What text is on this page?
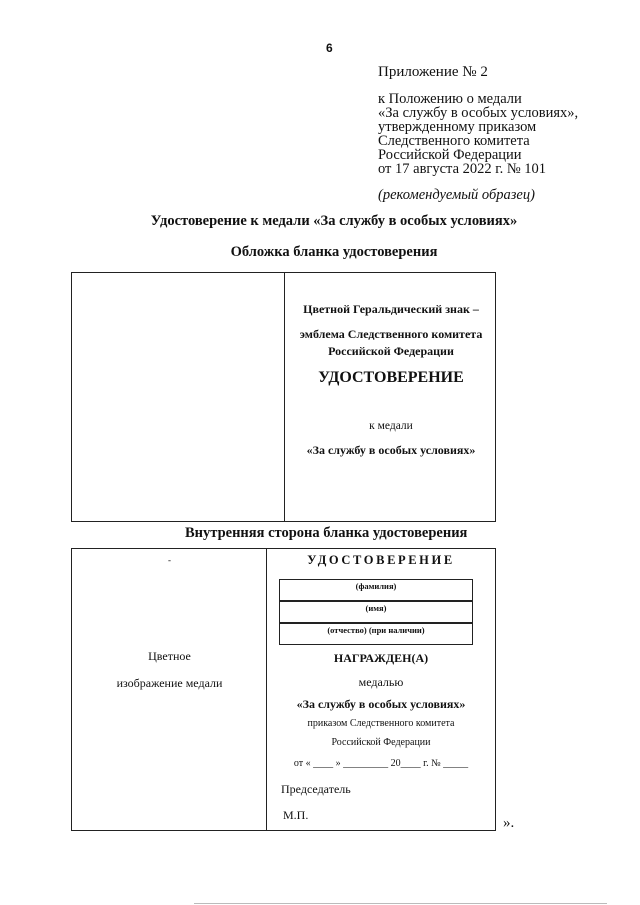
6
Приложение № 2
к Положению о медали
«За службу в особых условиях»,
утвержденному приказом
Следственного комитета
Российской Федерации
от 17 августа 2022 г. № 101
(рекомендуемый образец)
Удостоверение к медали «За службу в особых условиях»
Обложка бланка удостоверения
Цветной Геральдический знак –
эмблема Следственного комитета
Российской Федерации
УДОСТОВЕРЕНИЕ
к медали
«За службу в особых условиях»
Внутренняя сторона бланка удостоверения
-
Цветное
изображение медали
УДОСТОВЕРЕНИЕ
(фамилия)
(имя)
(отчество) (при наличии)
НАГРАЖДЕН(А)
медалью
«За службу в особых условиях»
приказом Следственного комитета
Российской Федерации
от « ____ » _________ 20____ г. № _____
Председатель
М.П.	».
